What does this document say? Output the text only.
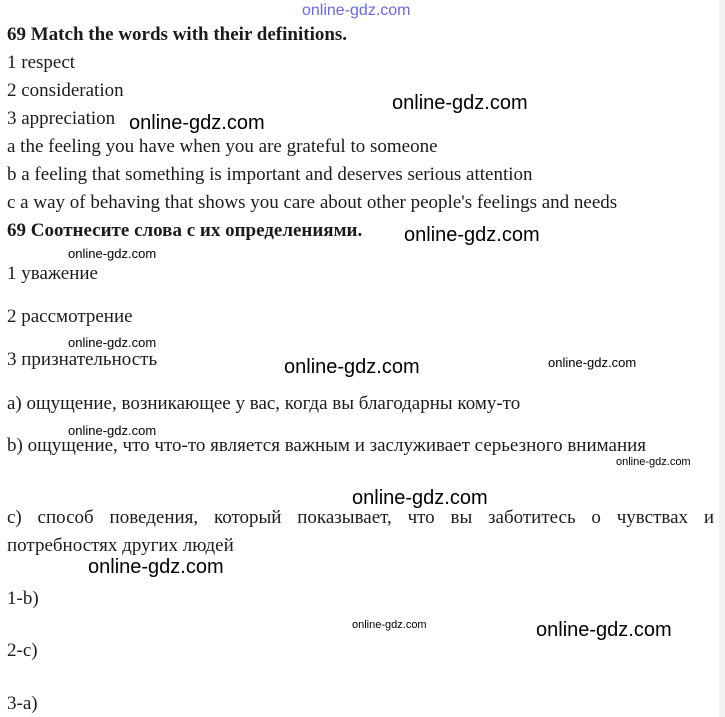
69 Match the words with their definitions.
1 respect
2 consideration
3 appreciation
a the feeling you have when you are grateful to someone
b a feeling that something is important and deserves serious attention
c a way of behaving that shows you care about other people's feelings and needs
69 Соотнесите слова с их определениями.
1 уважение
2 рассмотрение
3 признательность
а) ощущение, возникающее у вас, когда вы благодарны кому-то
b) ощущение, что что-то является важным и заслуживает серьезного внимания
с) способ поведения, который показывает, что вы заботитесь о чувствах и потребностях других людей
1-b)
2-c)
3-a)
online-gdz.com
online-gdz.com
online-gdz.com
online-gdz.com
online-gdz.com
online-gdz.com
online-gdz.com	online-gdz.com
online-gdz.com
online-gdz.com
online-gdz.com
online-gdz.com
online-gdz.com	online-gdz.com
